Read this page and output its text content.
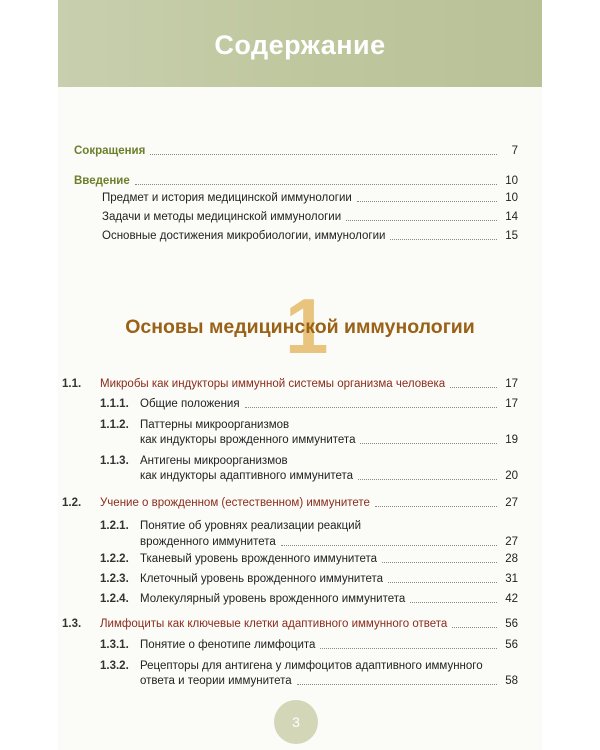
Содержание
Сокращения	7
Введение	10
Предмет и история медицинской иммунологии	10
Задачи и методы медицинской иммунологии	14
Основные достижения микробиологии, иммунологии	15
1
Основы медицинской иммунологии
1.1. Микробы как индукторы иммунной системы организма человека	17
1.1.1. Общие положения	17
1.1.2. Паттерны микроорганизмов
как индукторы врожденного иммунитета	19
1.1.3. Антигены микроорганизмов
как индукторы адаптивного иммунитета	20
1.2. Учение о врожденном (естественном) иммунитете	27
1.2.1. Понятие об уровнях реализации реакций
врожденного иммунитета	27
1.2.2. Тканевый уровень врожденного иммунитета	28
1.2.3. Клеточный уровень врожденного иммунитета	31
1.2.4. Молекулярный уровень врожденного иммунитета	42
1.3. Лимфоциты как ключевые клетки адаптивного иммунного ответа	56
1.3.1. Понятие о фенотипе лимфоцита	56
1.3.2. Рецепторы для антигена у лимфоцитов адаптивного иммунного
ответа и теории иммунитета	58
3
